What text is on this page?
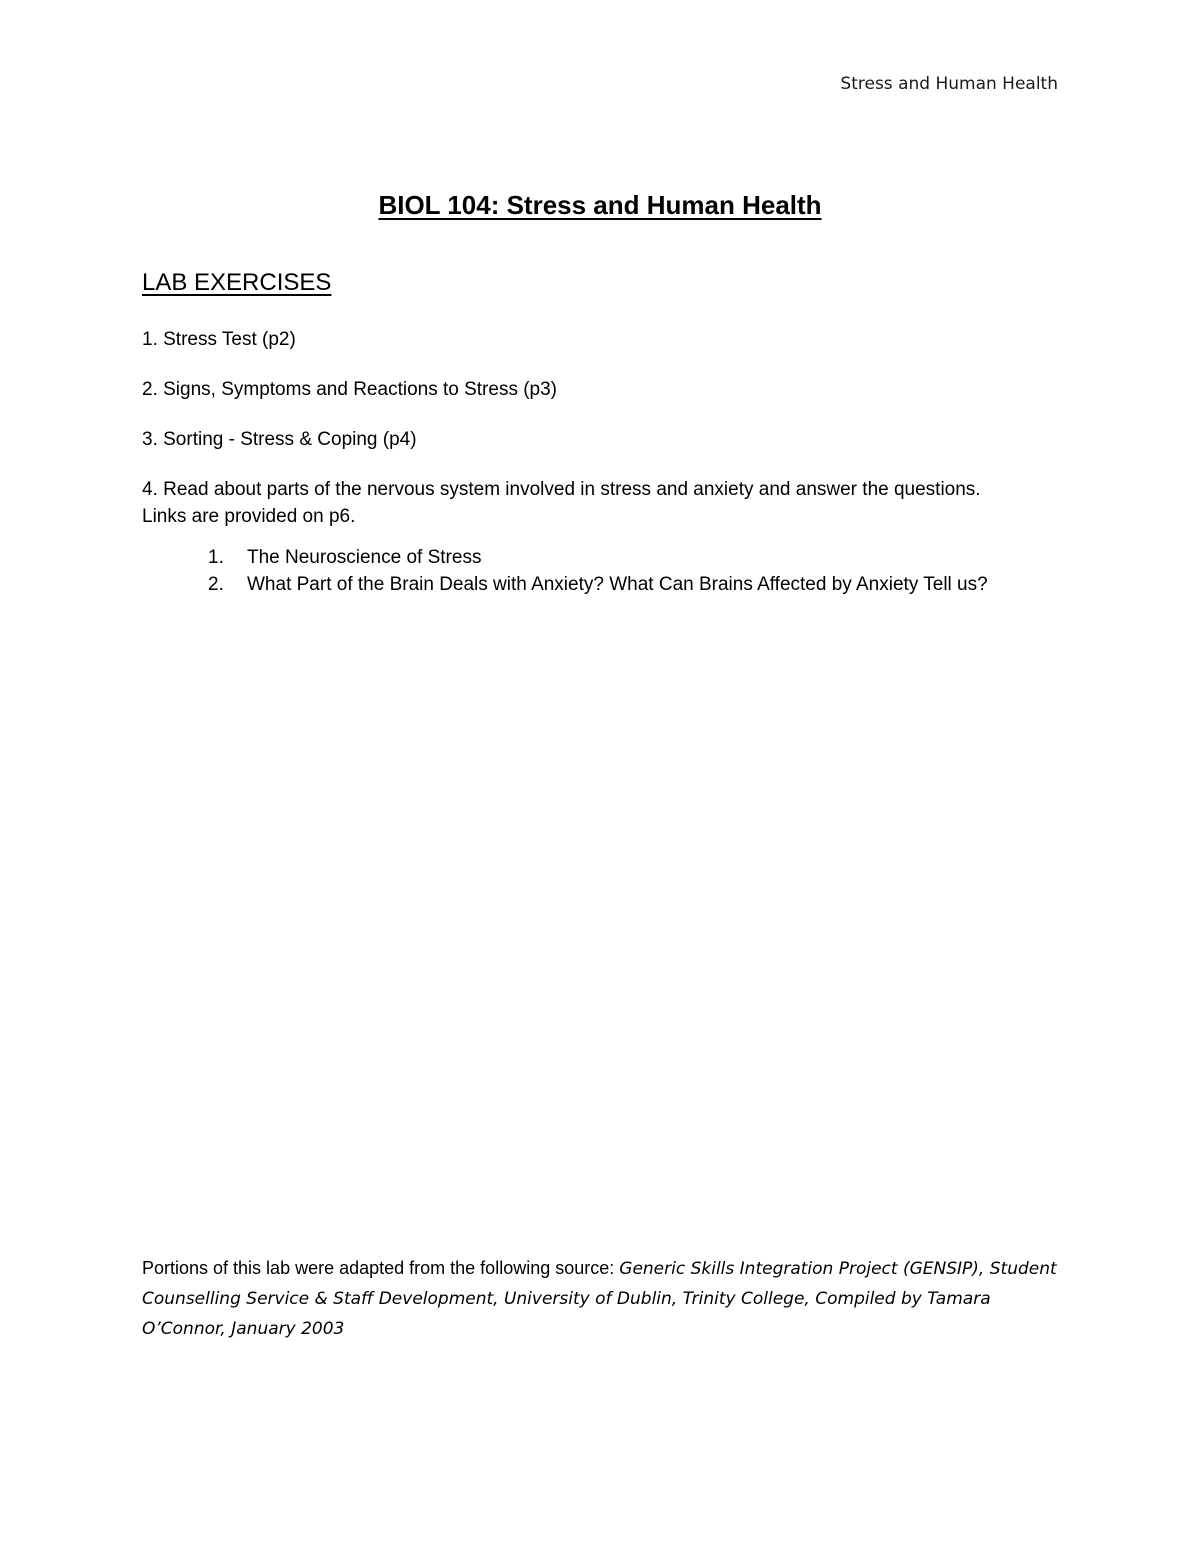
Stress and Human Health
BIOL 104: Stress and Human Health
LAB EXERCISES

1. Stress Test (p2)

2. Signs, Symptoms and Reactions to Stress (p3)

3. Sorting - Stress & Coping (p4)

4. Read about parts of the nervous system involved in stress and anxiety and answer the questions. Links are provided on p6.

1. The Neuroscience of Stress
2. What Part of the Brain Deals with Anxiety? What Can Brains Affected by Anxiety Tell us?

Portions of this lab were adapted from the following source: Generic Skills Integration Project (GENSIP), Student Counselling Service & Staff Development, University of Dublin, Trinity College, Compiled by Tamara O’Connor, January 2003
